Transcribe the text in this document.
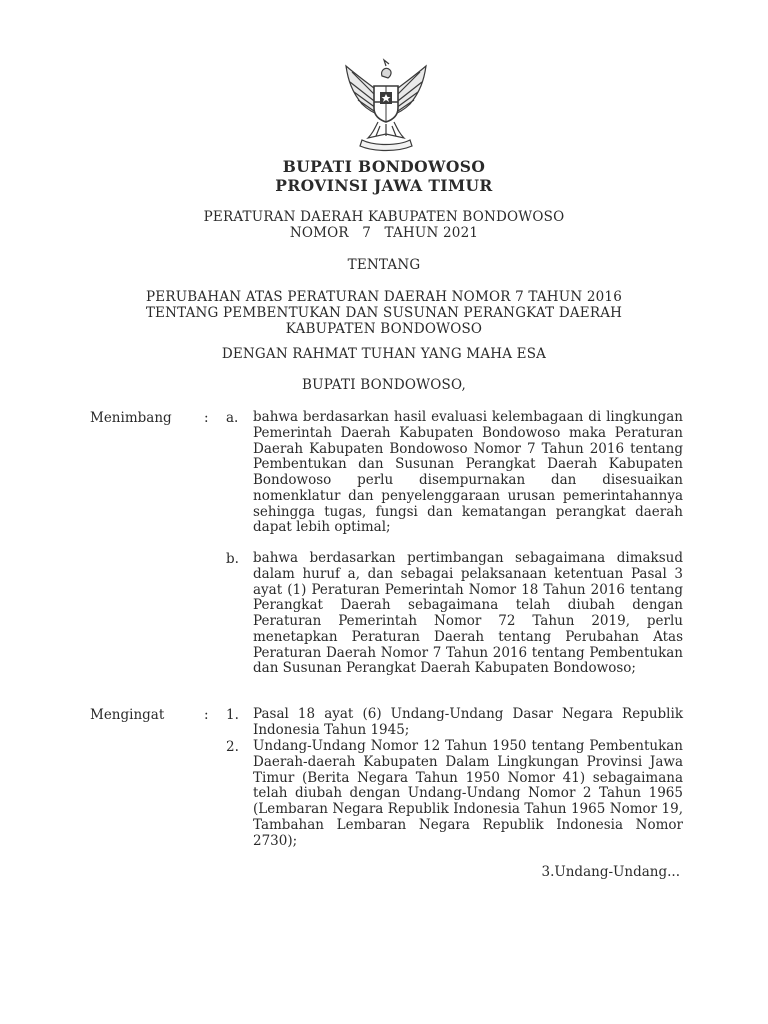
BUPATI BONDOWOSO
PROVINSI JAWA TIMUR
PERATURAN DAERAH KABUPATEN BONDOWOSO
NOMOR   7   TAHUN 2021
TENTANG
PERUBAHAN ATAS PERATURAN DAERAH NOMOR 7 TAHUN 2016
TENTANG PEMBENTUKAN DAN SUSUNAN PERANGKAT DAERAH
KABUPATEN BONDOWOSO
DENGAN RAHMAT TUHAN YANG MAHA ESA
BUPATI BONDOWOSO,
Menimbang : a. bahwa berdasarkan hasil evaluasi kelembagaan di lingkungan Pemerintah Daerah Kabupaten Bondowoso maka Peraturan Daerah Kabupaten Bondowoso Nomor 7 Tahun 2016 tentang Pembentukan dan Susunan Perangkat Daerah Kabupaten Bondowoso perlu disempurnakan dan disesuaikan nomenklatur dan penyelenggaraan urusan pemerintahannya sehingga tugas, fungsi dan kematangan perangkat daerah dapat lebih optimal;
b. bahwa berdasarkan pertimbangan sebagaimana dimaksud dalam huruf a, dan sebagai pelaksanaan ketentuan Pasal 3 ayat (1) Peraturan Pemerintah Nomor 18 Tahun 2016 tentang Perangkat Daerah sebagaimana telah diubah dengan Peraturan Pemerintah Nomor 72 Tahun 2019, perlu menetapkan Peraturan Daerah tentang Perubahan Atas Peraturan Daerah Nomor 7 Tahun 2016 tentang Pembentukan dan Susunan Perangkat Daerah Kabupaten Bondowoso;
Mengingat	: 1. Pasal 18 ayat (6) Undang-Undang Dasar Negara Republik Indonesia Tahun 1945;
2. Undang-Undang Nomor 12 Tahun 1950 tentang Pembentukan Daerah-daerah Kabupaten Dalam Lingkungan Provinsi Jawa Timur (Berita Negara Tahun 1950 Nomor 41) sebagaimana telah diubah dengan Undang-Undang Nomor 2 Tahun 1965 (Lembaran Negara Republik Indonesia Tahun 1965 Nomor 19, Tambahan Lembaran Negara Republik Indonesia Nomor 2730);
3.Undang-Undang...
